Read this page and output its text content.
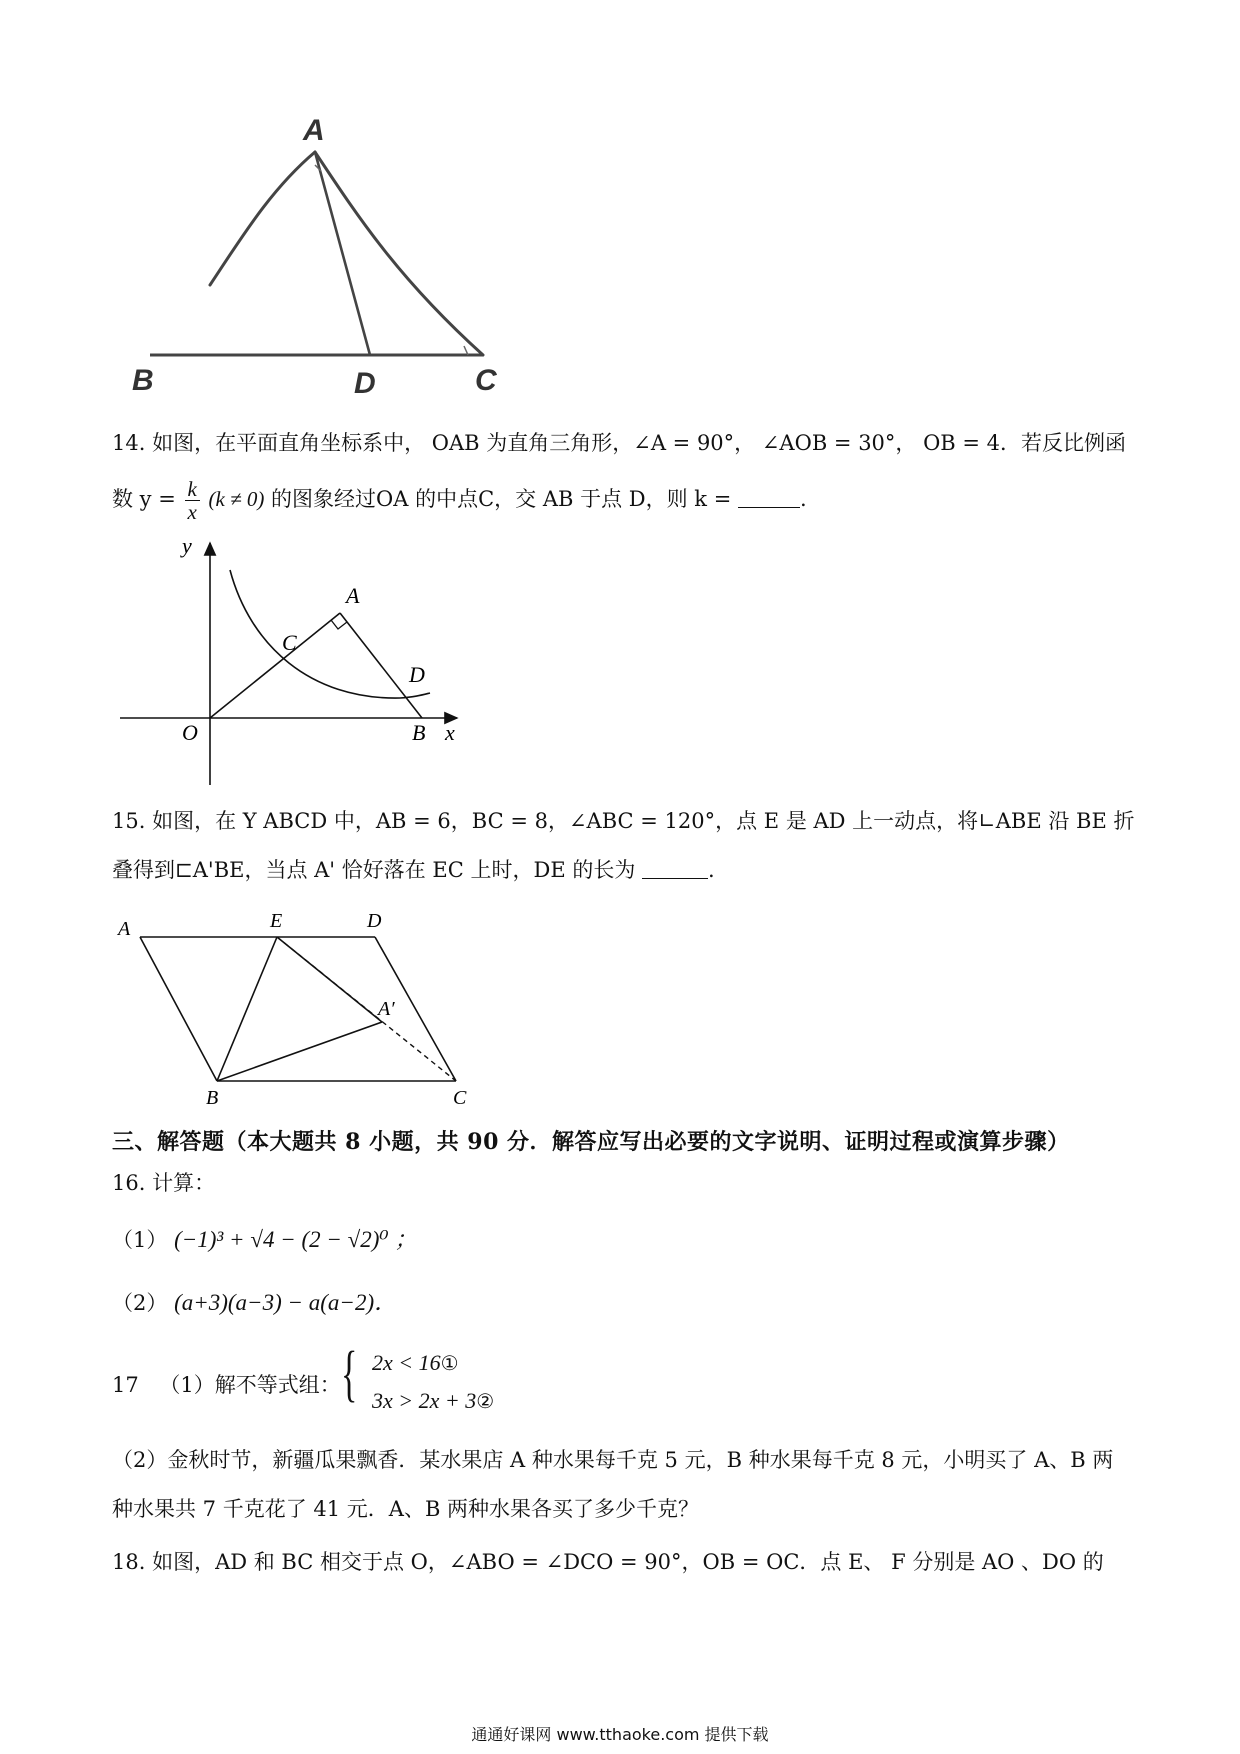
A
B	D	C
14. 如图，在平面直角坐标系中， OAB 为直角三角形，∠A = 90°， ∠AOB = 30°， OB = 4．若反比例函
数 $y = \frac{k}{x} (k \ne 0)$ 的图象经过OA 的中点C，交 AB 于点 D，则 k =	.
y
x
O
A
C
D
B
15. 如图，在 Y ABCD 中，AB = 6，BC = 8，∠ABC = 120°，点 E 是 AD 上一动点，将∟ABE 沿 BE 折
叠得到⊏A'BE，当点 A' 恰好落在 EC 上时，DE 的长为	.
A	E	D
A′
B	C
三、解答题（本大题共 8 小题，共 90 分．解答应写出必要的文字说明、证明过程或演算步骤）
16. 计算：
（1） (−1)³ + √4 − (2 − √2)⁰ ；
（2） (a+3)(a−3) − a(a−2)．
17 （1）解不等式组： { 2x < 16①
3x > 2x + 3②
（2）金秋时节，新疆瓜果飘香．某水果店 A 种水果每千克 5 元，B 种水果每千克 8 元，小明买了 A、B 两
种水果共 7 千克花了 41 元．A、B 两种水果各买了多少千克？
18. 如图，AD 和 BC 相交于点 O，∠ABO = ∠DCO = 90°，OB = OC．点 E、 F 分别是 AO 、DO 的
通通好课网 www.tthaoke.com 提供下载
